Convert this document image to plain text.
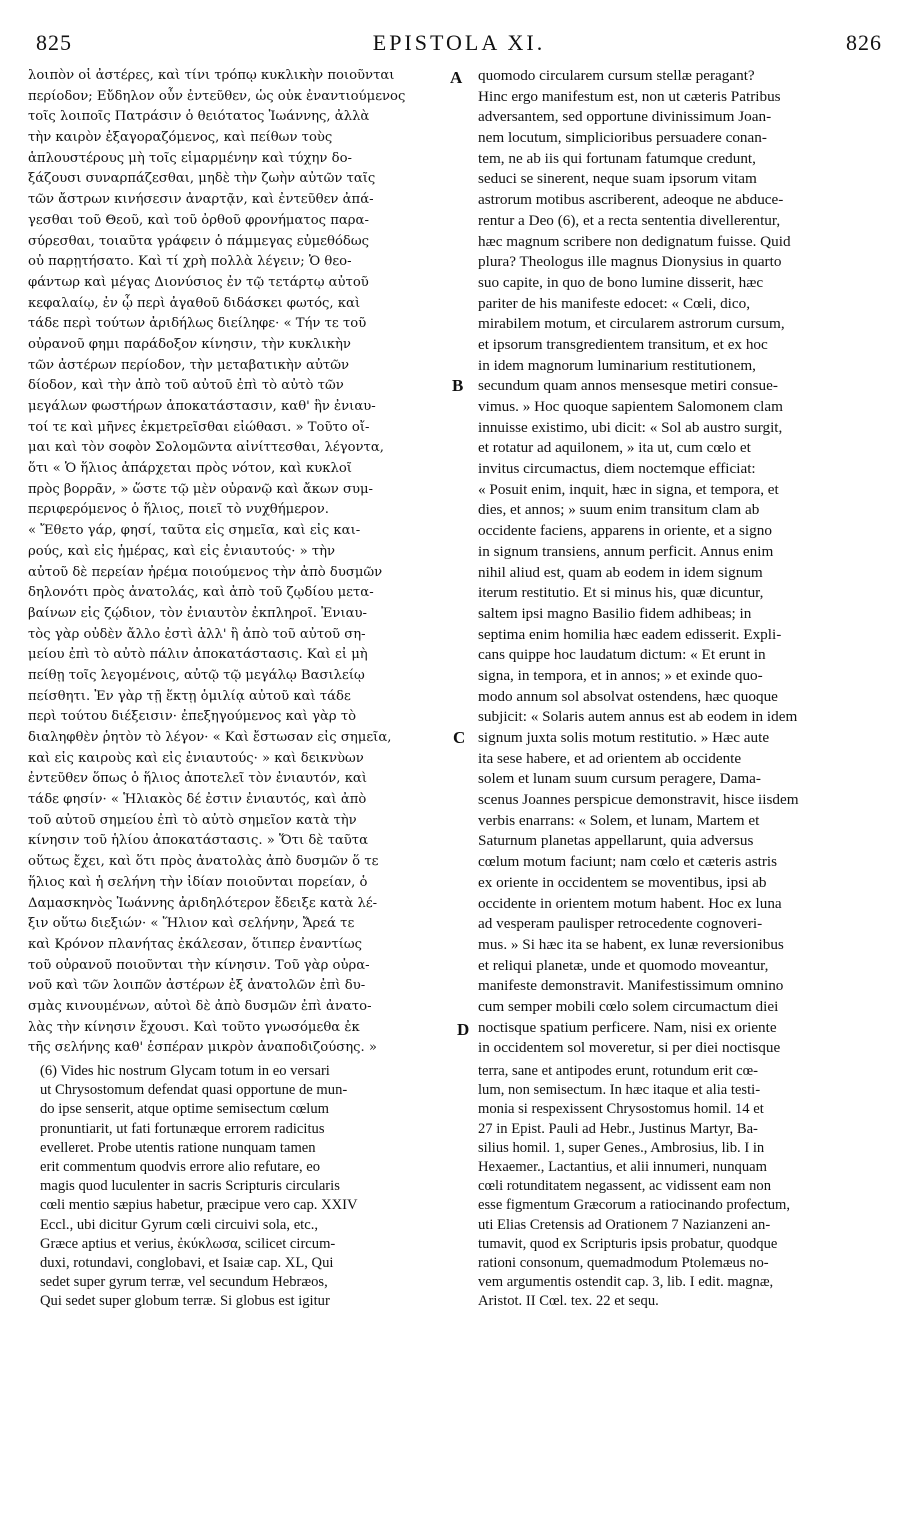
825	EPISTOLA XI.	826
λοιπὸν οἱ ἀστέρες, καὶ τίνι τρόπῳ κυκλικὴν ποιοῦνται
περίοδον; Εὔδηλον οὖν ἐντεῦθεν, ὡς οὐκ ἐναντιούμενος
τοῖς λοιποῖς Πατράσιν ὁ θειότατος Ἰωάννης, ἀλλὰ
τὴν καιρὸν ἐξαγοραζόμενος, καὶ πείθων τοὺς
ἁπλουστέρους μὴ τοῖς εἱμαρμένην καὶ τύχην δο-
ξάζουσι συναρπάζεσθαι, μηδὲ τὴν ζωὴν αὐτῶν ταῖς
τῶν ἄστρων κινήσεσιν ἀναρτᾷν, καὶ ἐντεῦθεν ἀπά-
γεσθαι τοῦ Θεοῦ, καὶ τοῦ ὀρθοῦ φρονήματος παρα-
σύρεσθαι, τοιαῦτα γράφειν ὁ πάμμεγας εὐμεθόδως
οὐ παρῃτήσατο. Καὶ τί χρὴ πολλὰ λέγειν; Ὁ θεο-
φάντωρ καὶ μέγας Διονύσιος ἐν τῷ τετάρτῳ αὐτοῦ
κεφαλαίῳ, ἐν ᾧ περὶ ἀγαθοῦ διδάσκει φωτός, καὶ
τάδε περὶ τούτων ἀριδήλως διείληφε· « Τήν τε τοῦ
οὐρανοῦ φημι παράδοξον κίνησιν, τὴν κυκλικὴν
τῶν ἀστέρων περίοδον, τὴν μεταβατικὴν αὐτῶν
δίοδον, καὶ τὴν ἀπὸ τοῦ αὐτοῦ ἐπὶ τὸ αὐτὸ τῶν
μεγάλων φωστήρων ἀποκατάστασιν, καθ' ἣν ἐνιαυ-
τοί τε καὶ μῆνες ἐκμετρεῖσθαι εἰώθασι. » Τοῦτο οἴ-
μαι καὶ τὸν σοφὸν Σολομῶντα αἰνίττεσθαι, λέγοντα,
ὅτι « Ὁ ἥλιος ἀπάρχεται πρὸς νότον, καὶ κυκλοῖ
πρὸς βορρᾶν, » ὥστε τῷ μὲν οὐρανῷ καὶ ἄκων συμ-
περιφερόμενος ὁ ἥλιος, ποιεῖ τὸ νυχθήμερον.
« Ἔθετο γάρ, φησί, ταῦτα εἰς σημεῖα, καὶ εἰς και-
ρούς, καὶ εἰς ἡμέρας, καὶ εἰς ἐνιαυτούς· » τὴν
αὐτοῦ δὲ περείαν ἠρέμα ποιούμενος τὴν ἀπὸ δυσμῶν
δηλονότι πρὸς ἀνατολάς, καὶ ἀπὸ τοῦ ζῳδίου μετα-
βαίνων εἰς ζῴδιον, τὸν ἐνιαυτὸν ἐκπληροῖ. Ἐνιαυ-
τὸς γὰρ οὐδὲν ἄλλο ἐστὶ ἀλλ' ἢ ἀπὸ τοῦ αὐτοῦ ση-
μείου ἐπὶ τὸ αὐτὸ πάλιν ἀποκατάστασις. Καὶ εἰ μὴ
πείθῃ τοῖς λεγομένοις, αὐτῷ τῷ μεγάλῳ Βασιλείῳ
πείσθητι. Ἐν γὰρ τῇ ἕκτῃ ὁμιλίᾳ αὐτοῦ καὶ τάδε
περὶ τούτου διέξεισιν· ἐπεξηγούμενος καὶ γὰρ τὸ
διαληφθὲν ῥητὸν τὸ λέγον· « Καὶ ἔστωσαν εἰς σημεῖα,
καὶ εἰς καιροὺς καὶ εἰς ἐνιαυτούς· » καὶ δεικνὺων
ἐντεῦθεν ὅπως ὁ ἥλιος ἀποτελεῖ τὸν ἐνιαυτόν, καὶ
τάδε φησίν· « Ἡλιακὸς δέ ἐστιν ἐνιαυτός, καὶ ἀπὸ
τοῦ αὐτοῦ σημείου ἐπὶ τὸ αὐτὸ σημεῖον κατὰ τὴν
κίνησιν τοῦ ἡλίου ἀποκατάστασις. » Ὅτι δὲ ταῦτα
οὕτως ἔχει, καὶ ὅτι πρὸς ἀνατολὰς ἀπὸ δυσμῶν ὅ τε
ἥλιος καὶ ἡ σελήνη τὴν ἰδίαν ποιοῦνται πορείαν, ὁ
Δαμασκηνὸς Ἰωάννης ἀριδηλότερον ἔδειξε κατὰ λέ-
ξιν οὕτω διεξιών· « Ἥλιον καὶ σελήνην, Ἄρεά τε
καὶ Κρόνον πλανήτας ἐκάλεσαν, ὅτιπερ ἐναντίως
τοῦ οὐρανοῦ ποιοῦνται τὴν κίνησιν. Τοῦ γὰρ οὐρα-
νοῦ καὶ τῶν λοιπῶν ἀστέρων ἐξ ἀνατολῶν ἐπὶ δυ-
σμὰς κινουμένων, αὐτοὶ δὲ ἀπὸ δυσμῶν ἐπὶ ἀνατο-
λὰς τὴν κίνησιν ἔχουσι. Καὶ τοῦτο γνωσόμεθα ἐκ
τῆς σελήνης καθ' ἑσπέραν μικρὸν ἀναποδιζούσης. »
quomodo circularem cursum stellæ peragant?
Hinc ergo manifestum est, non ut cæteris Patribus
adversantem, sed opportune divinissimum Joan-
nem locutum, simplicioribus persuadere conan-
tem, ne ab iis qui fortunam fatumque credunt,
seduci se sinerent, neque suam ipsorum vitam
astrorum motibus ascriberent, adeoque ne abduce-
rentur a Deo (6), et a recta sententia divellerentur,
hæc magnum scribere non dedignatum fuisse. Quid
plura? Theologus ille magnus Dionysius in quarto
suo capite, in quo de bono lumine disserit, hæc
pariter de his manifeste edocet: « Cœli, dico,
mirabilem motum, et circularem astrorum cursum,
et ipsorum transgredientem transitum, et ex hoc
in idem magnorum luminarium restitutionem,
secundum quam annos mensesque metiri consue-
vimus. » Hoc quoque sapientem Salomonem clam
innuisse existimo, ubi dicit: « Sol ab austro surgit,
et rotatur ad aquilonem, » ita ut, cum cœlo et
invitus circumactus, diem noctemque efficiat:
« Posuit enim, inquit, hæc in signa, et tempora, et
dies, et annos; » suum enim transitum clam ab
occidente faciens, apparens in oriente, et a signo
in signum transiens, annum perficit. Annus enim
nihil aliud est, quam ab eodem in idem signum
iterum restitutio. Et si minus his, quæ dicuntur,
saltem ipsi magno Basilio fidem adhibeas; in
septima enim homilia hæc eadem edisserit. Expli-
cans quippe hoc laudatum dictum: « Et erunt in
signa, in tempora, et in annos; » et exinde quo-
modo annum sol absolvat ostendens, hæc quoque
subjicit: « Solaris autem annus est ab eodem in idem
signum juxta solis motum restitutio. » Hæc aute
ita sese habere, et ad orientem ab occidente
solem et lunam suum cursum peragere, Dama-
scenus Joannes perspicue demonstravit, hisce iisdem
verbis enarrans: « Solem, et lunam, Martem et
Saturnum planetas appellarunt, quia adversus
cœlum motum faciunt; nam cœlo et cæteris astris
ex oriente in occidentem se moventibus, ipsi ab
occidente in orientem motum habent. Hoc ex luna
ad vesperam paulisper retrocedente cognoveri-
mus. » Si hæc ita se habent, ex lunæ reversionibus
et reliqui planetæ, unde et quomodo moveantur,
manifeste demonstravit. Manifestissimum omnino
cum semper mobili cœlo solem circumactum diei
noctisque spatium perficere. Nam, nisi ex oriente
in occidentem sol moveretur, si per diei noctisque
A
B
C
D
(6) Vides hic nostrum Glycam totum in eo versari
ut Chrysostomum defendat quasi opportune de mun-
do ipse senserit, atque optime semisectum cœlum
pronuntiarit, ut fati fortunæque errorem radicitus
evelleret. Probe utentis ratione nunquam tamen
erit commentum quodvis errore alio refutare, eo
magis quod luculenter in sacris Scripturis circularis
cœli mentio sæpius habetur, præcipue vero cap. XXIV
Eccl., ubi dicitur Gyrum cœli circuivi sola, etc.,
Græce aptius et verius, ἐκύκλωσα, scilicet circum-
duxi, rotundavi, conglobavi, et Isaiæ cap. XL, Qui
sedet super gyrum terræ, vel secundum Hebræos,
Qui sedet super globum terræ. Si globus est igitur
terra, sane et antipodes erunt, rotundum erit cœ-
lum, non semisectum. In hæc itaque et alia testi-
monia si respexissent Chrysostomus homil. 14 et
27 in Epist. Pauli ad Hebr., Justinus Martyr, Ba-
silius homil. 1, super Genes., Ambrosius, lib. I in
Hexaemer., Lactantius, et alii innumeri, nunquam
cœli rotunditatem negassent, ac vidissent eam non
esse figmentum Græcorum a ratiocinando profectum,
uti Elias Cretensis ad Orationem 7 Nazianzeni an-
tumavit, quod ex Scripturis ipsis probatur, quodque
rationi consonum, quemadmodum Ptolemæus no-
vem argumentis ostendit cap. 3, lib. I edit. magnæ,
Aristot. II Cœl. tex. 22 et sequ.
